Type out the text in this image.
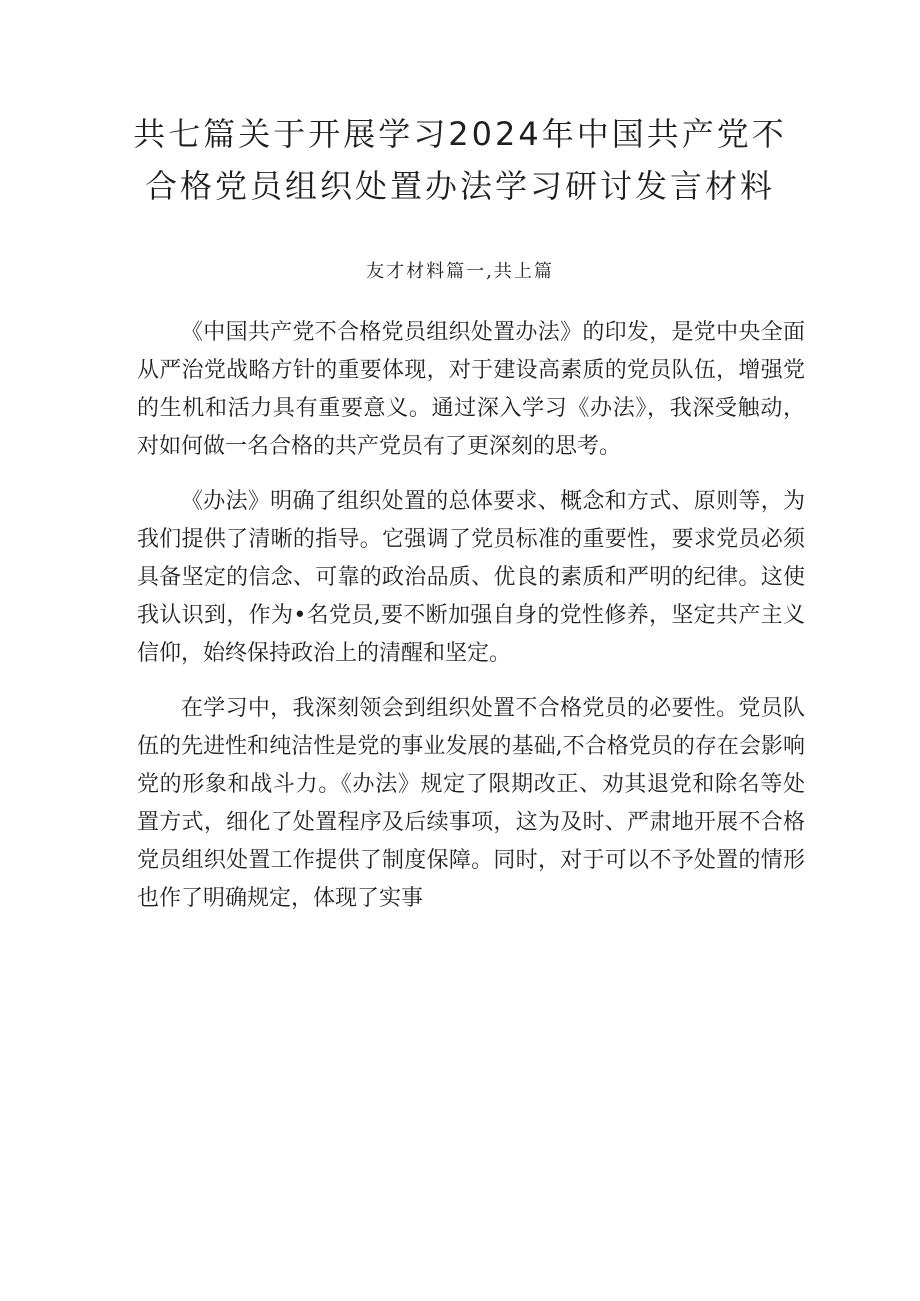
共七篇关于开展学习2024年中国共产党不
合格党员组织处置办法学习研讨发言材料

友才材料篇一,共上篇

《中国共产党不合格党员组织处置办法》的印发，是党中央全面从严治党战略方针的重要体现，对于建设高素质的党员队伍，增强党的生机和活力具有重要意义。通过深入学习《办法》，我深受触动，对如何做一名合格的共产党员有了更深刻的思考。

《办法》明确了组织处置的总体要求、概念和方式、原则等，为我们提供了清晰的指导。它强调了党员标准的重要性，要求党员必须具备坚定的信念、可靠的政治品质、优良的素质和严明的纪律。这使我认识到，作为•名党员,要不断加强自身的党性修养，坚定共产主义信仰，始终保持政治上的清醒和坚定。

在学习中，我深刻领会到组织处置不合格党员的必要性。党员队伍的先进性和纯洁性是党的事业发展的基础,不合格党员的存在会影响党的形象和战斗力。《办法》规定了限期改正、劝其退党和除名等处置方式，细化了处置程序及后续事项，这为及时、严肃地开展不合格党员组织处置工作提供了制度保障。同时，对于可以不予处置的情形也作了明确规定，体现了实事
